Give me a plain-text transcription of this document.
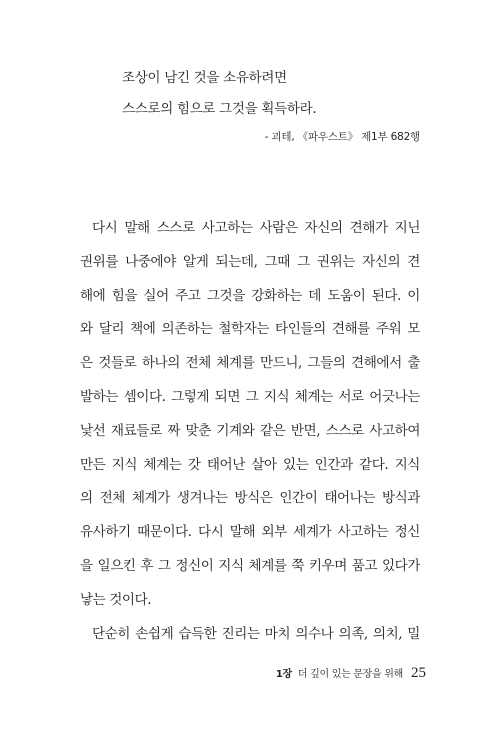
조상이 남긴 것을 소유하려면
스스로의 힘으로 그것을 획득하라.
- 괴테, 《파우스트》 제1부 682행
다시 말해 스스로 사고하는 사람은 자신의 견해가 지닌
권위를 나중에야 알게 되는데, 그때 그 권위는 자신의 견
해에 힘을 실어 주고 그것을 강화하는 데 도움이 된다. 이
와 달리 책에 의존하는 철학자는 타인들의 견해를 주워 모
은 것들로 하나의 전체 체계를 만드니, 그들의 견해에서 출
발하는 셈이다. 그렇게 되면 그 지식 체계는 서로 어긋나는
낯선 재료들로 짜 맞춘 기계와 같은 반면, 스스로 사고하여
만든 지식 체계는 갓 태어난 살아 있는 인간과 같다. 지식
의 전체 체계가 생겨나는 방식은 인간이 태어나는 방식과
유사하기 때문이다. 다시 말해 외부 세계가 사고하는 정신
을 일으킨 후 그 정신이 지식 체계를 쭉 키우며 품고 있다가
낳는 것이다.
단순히 손쉽게 습득한 진리는 마치 의수나 의족, 의치, 밀
1장 더 깊이 있는 문장을 위해 25
